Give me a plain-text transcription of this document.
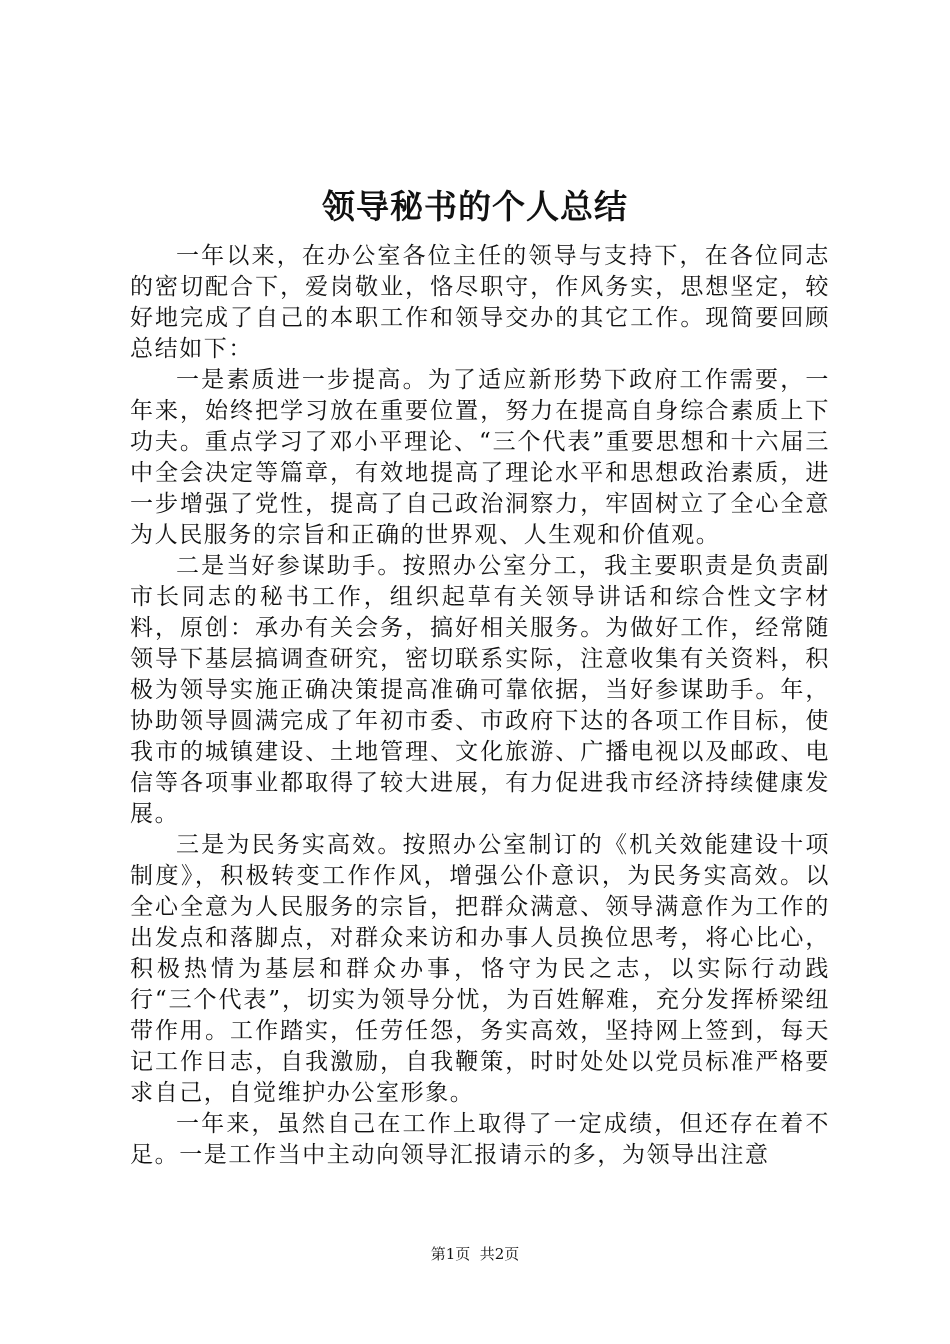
领导秘书的个人总结

一年以来，在办公室各位主任的领导与支持下，在各位同志的密切配合下，爱岗敬业，恪尽职守，作风务实，思想坚定，较好地完成了自己的本职工作和领导交办的其它工作。现简要回顾总结如下：

一是素质进一步提高。为了适应新形势下政府工作需要，一年来，始终把学习放在重要位置，努力在提高自身综合素质上下功夫。重点学习了邓小平理论、“三个代表”重要思想和十六届三中全会决定等篇章，有效地提高了理论水平和思想政治素质，进一步增强了党性，提高了自己政治洞察力，牢固树立了全心全意为人民服务的宗旨和正确的世界观、人生观和价值观。

二是当好参谋助手。按照办公室分工，我主要职责是负责副市长同志的秘书工作，组织起草有关领导讲话和综合性文字材料，原创：承办有关会务，搞好相关服务。为做好工作，经常随领导下基层搞调查研究，密切联系实际，注意收集有关资料，积极为领导实施正确决策提高准确可靠依据，当好参谋助手。年，协助领导圆满完成了年初市委、市政府下达的各项工作目标，使我市的城镇建设、土地管理、文化旅游、广播电视以及邮政、电信等各项事业都取得了较大进展，有力促进我市经济持续健康发展。

三是为民务实高效。按照办公室制订的《机关效能建设十项制度》，积极转变工作作风，增强公仆意识，为民务实高效。以全心全意为人民服务的宗旨，把群众满意、领导满意作为工作的出发点和落脚点，对群众来访和办事人员换位思考，将心比心，积极热情为基层和群众办事，恪守为民之志，以实际行动践行“三个代表”，切实为领导分忧，为百姓解难，充分发挥桥梁纽带作用。工作踏实，任劳任怨，务实高效，坚持网上签到，每天记工作日志，自我激励，自我鞭策，时时处处以党员标准严格要求自己，自觉维护办公室形象。

一年来，虽然自己在工作上取得了一定成绩，但还存在着不足。一是工作当中主动向领导汇报请示的多，为领导出注意

第1页  共2页
